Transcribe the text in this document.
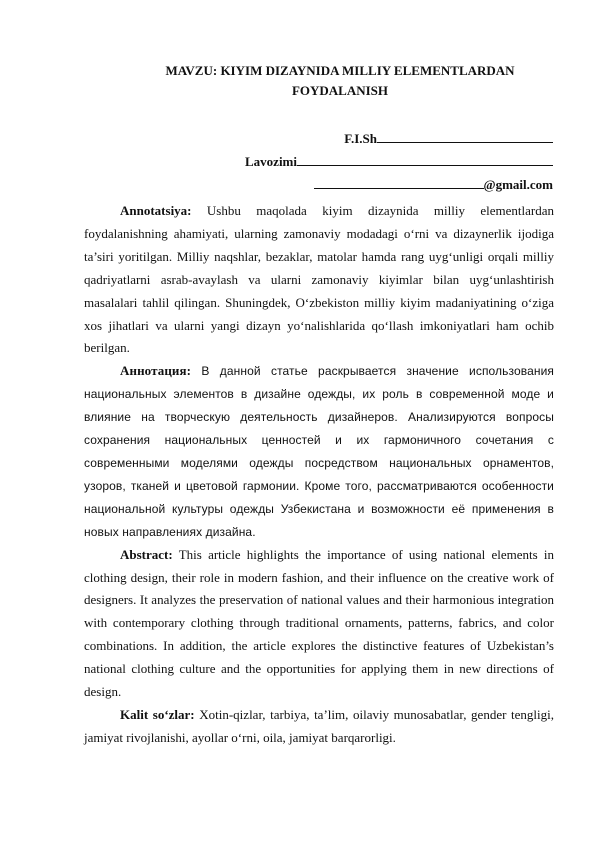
MAVZU: KIYIM DIZAYNIDA MILLIY ELEMENTLARDAN
FOYDALANISH
F.I.Sh
Lavozimi
@gmail.com

Annotatsiya: Ushbu maqolada kiyim dizaynida milliy elementlardan foydalanishning ahamiyati, ularning zamonaviy modadagi o‘rni va dizaynerlik ijodiga ta’siri yoritilgan. Milliy naqshlar, bezaklar, matolar hamda rang uyg‘unligi orqali milliy qadriyatlarni asrab-avaylash va ularni zamonaviy kiyimlar bilan uyg‘unlashtirish masalalari tahlil qilingan. Shuningdek, O‘zbekiston milliy kiyim madaniyatining o‘ziga xos jihatlari va ularni yangi dizayn yo‘nalishlarida qo‘llash imkoniyatlari ham ochib berilgan.

Аннотация: В данной статье раскрывается значение использования национальных элементов в дизайне одежды, их роль в современной моде и влияние на творческую деятельность дизайнеров. Анализируются вопросы сохранения национальных ценностей и их гармоничного сочетания с современными моделями одежды посредством национальных орнаментов, узоров, тканей и цветовой гармонии. Кроме того, рассматриваются особенности национальной культуры одежды Узбекистана и возможности её применения в новых направлениях дизайна.

Abstract: This article highlights the importance of using national elements in clothing design, their role in modern fashion, and their influence on the creative work of designers. It analyzes the preservation of national values and their harmonious integration with contemporary clothing through traditional ornaments, patterns, fabrics, and color combinations. In addition, the article explores the distinctive features of Uzbekistan’s national clothing culture and the opportunities for applying them in new directions of design.

Kalit so‘zlar: Xotin-qizlar, tarbiya, ta’lim, oilaviy munosabatlar, gender tengligi, jamiyat rivojlanishi, ayollar o‘rni, oila, jamiyat barqarorligi.
